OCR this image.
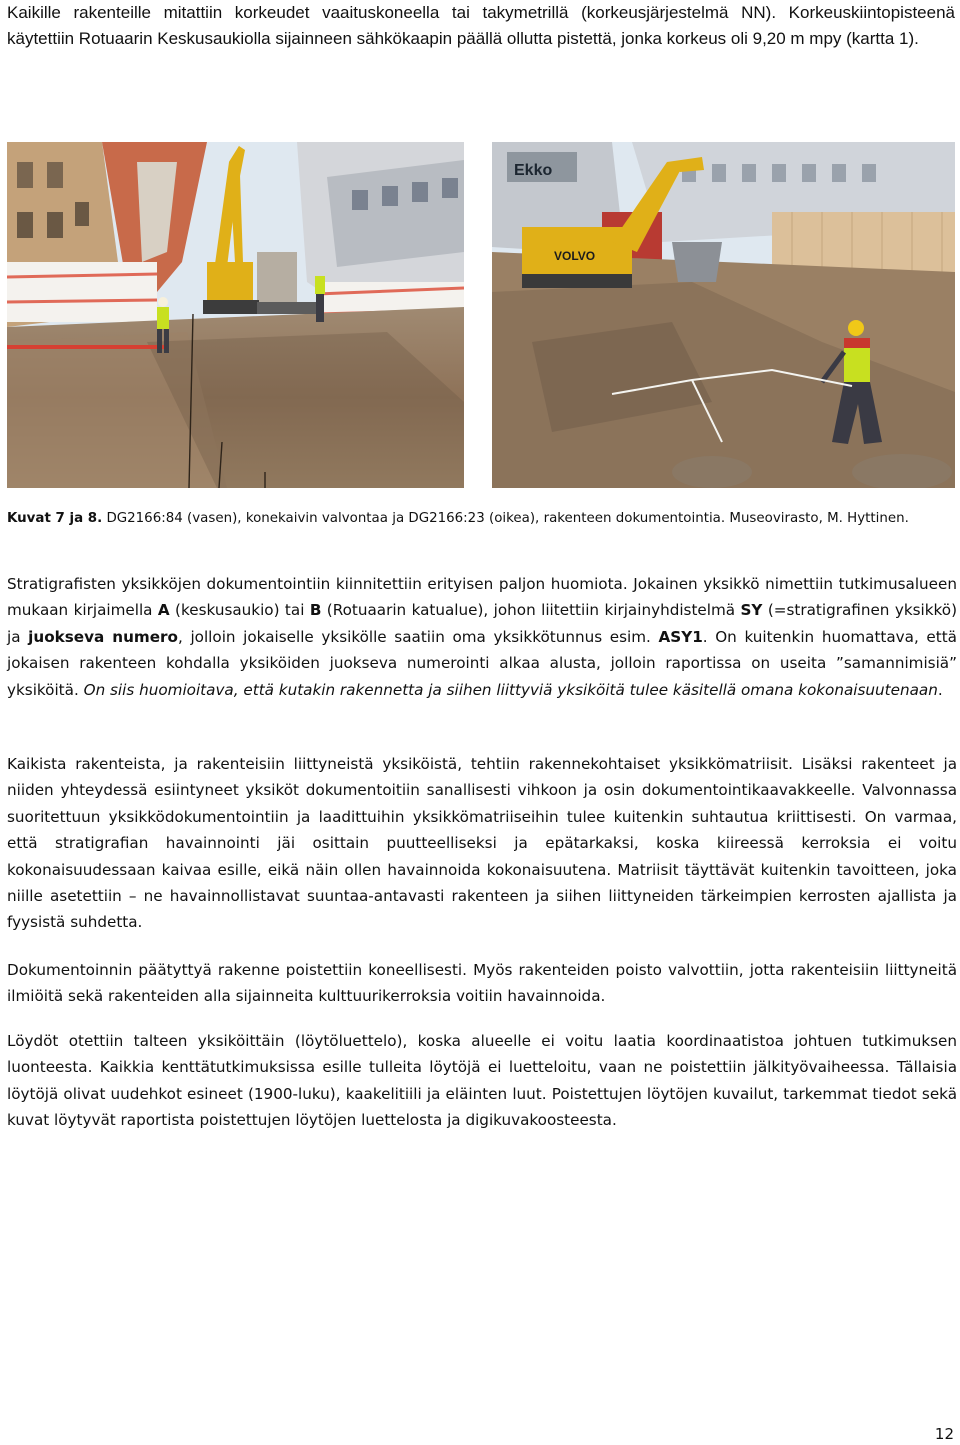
Kaikille rakenteille mitattiin korkeudet vaaituskoneella tai takymetrillä (korkeusjärjestelmä NN). Korkeuskiintopisteenä käytettiin Rotuaarin Keskusaukiolla sijainneen sähkökaapin päällä ollutta pistettä, jonka korkeus oli 9,20 m mpy (kartta 1).

Ekko
VOLVO

Kuvat 7 ja 8. DG2166:84 (vasen), konekaivin valvontaa ja DG2166:23 (oikea), rakenteen dokumentointia. Museovirasto, M. Hyttinen.

Stratigrafisten yksikköjen dokumentointiin kiinnitettiin erityisen paljon huomiota. Jokainen yksikkö nimettiin tutkimusalueen mukaan kirjaimella A (keskusaukio) tai B (Rotuaarin katualue), johon liitettiin kirjainyhdistelmä SY (=stratigrafinen yksikkö) ja juokseva numero, jolloin jokaiselle yksikölle saatiin oma yksikkötunnus esim. ASY1. On kuitenkin huomattava, että jokaisen rakenteen kohdalla yksiköiden juokseva numerointi alkaa alusta, jolloin raportissa on useita ”samannimisiä” yksiköitä. On siis huomioitava, että kutakin rakennetta ja siihen liittyviä yksiköitä tulee käsitellä omana kokonaisuutenaan.

Kaikista rakenteista, ja rakenteisiin liittyneistä yksiköistä, tehtiin rakennekohtaiset yksikkömatriisit. Lisäksi rakenteet ja niiden yhteydessä esiintyneet yksiköt dokumentoitiin sanallisesti vihkoon ja osin dokumentointikaavakkeelle. Valvonnassa suoritettuun yksikködokumentointiin ja laadittuihin yksikkömatriiseihin tulee kuitenkin suhtautua kriittisesti. On varmaa, että stratigrafian havainnointi jäi osittain puutteelliseksi ja epätarkaksi, koska kiireessä kerroksia ei voitu kokonaisuudessaan kaivaa esille, eikä näin ollen havainnoida kokonaisuutena. Matriisit täyttävät kuitenkin tavoitteen, joka niille asetettiin – ne havainnollistavat suuntaa-antavasti rakenteen ja siihen liittyneiden tärkeimpien kerrosten ajallista ja fyysistä suhdetta.

Dokumentoinnin päätyttyä rakenne poistettiin koneellisesti. Myös rakenteiden poisto valvottiin, jotta rakenteisiin liittyneitä ilmiöitä sekä rakenteiden alla sijainneita kulttuurikerroksia voitiin havainnoida.

Löydöt otettiin talteen yksiköittäin (löytöluettelo), koska alueelle ei voitu laatia koordinaatistoa johtuen tutkimuksen luonteesta. Kaikkia kenttätutkimuksissa esille tulleita löytöjä ei luetteloitu, vaan ne poistettiin jälkityövaiheessa. Tällaisia löytöjä olivat uudehkot esineet (1900-luku), kaakelitiili ja eläinten luut. Poistettujen löytöjen kuvailut, tarkemmat tiedot sekä kuvat löytyvät raportista poistettujen löytöjen luettelosta ja digikuvakoosteesta.

12
